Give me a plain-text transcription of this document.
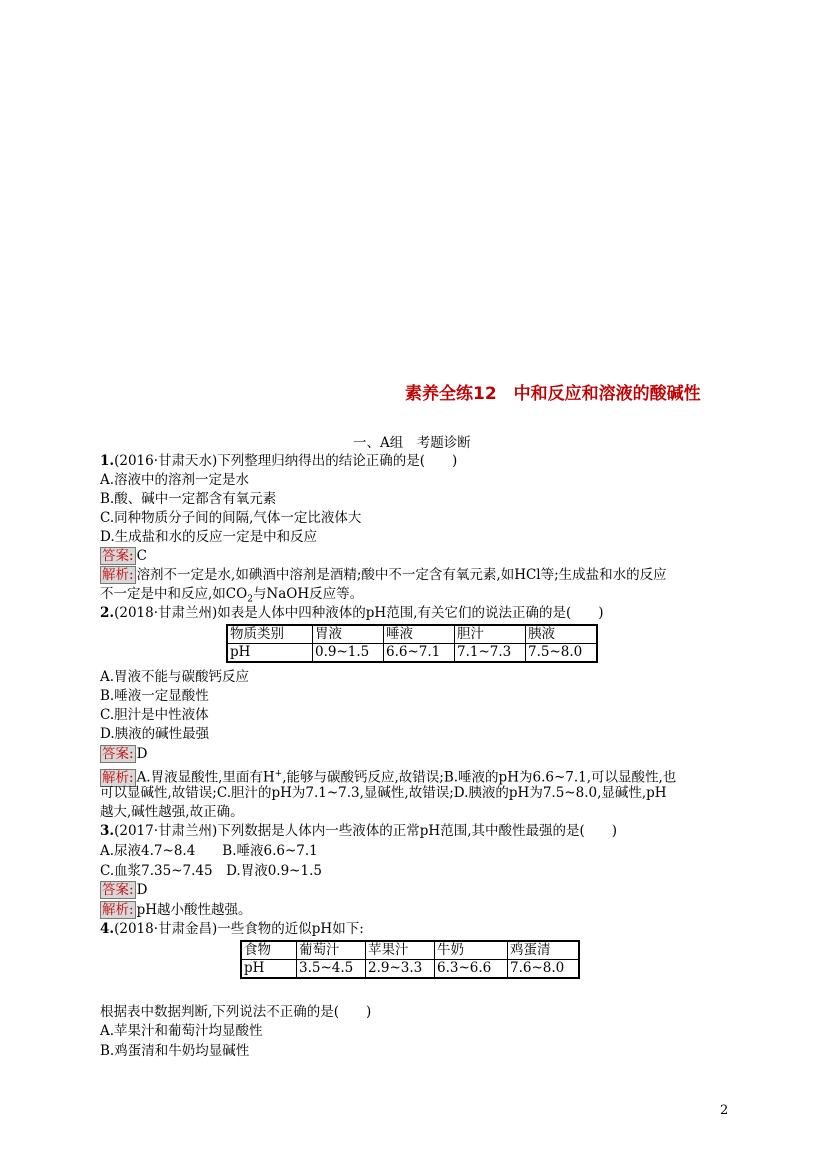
素养全练12　中和反应和溶液的酸碱性
一、A组　考题诊断
1.(2016·甘肃天水)下列整理归纳得出的结论正确的是(　　)
A.溶液中的溶剂一定是水
B.酸、碱中一定都含有氧元素
C.同种物质分子间的间隔,气体一定比液体大
D.生成盐和水的反应一定是中和反应
答案: C
解析: 溶剂不一定是水,如碘酒中溶剂是酒精;酸中不一定含有氧元素,如HCl等;生成盐和水的反应
不一定是中和反应,如$CO_2$与NaOH反应等。
2.(2018·甘肃兰州)如表是人体中四种液体的pH范围,有关它们的说法正确的是(　　)
物质类别	胃液	唾液	胆汁	胰液
pH	0.9~1.5	6.6~7.1	7.1~7.3	7.5~8.0
A.胃液不能与碳酸钙反应
B.唾液一定显酸性
C.胆汁是中性液体
D.胰液的碱性最强
答案: D
解析: A.胃液显酸性,里面有H+,能够与碳酸钙反应,故错误;B.唾液的pH为6.6~7.1,可以显酸性,也
可以显碱性,故错误;C.胆汁的pH为7.1~7.3,显碱性,故错误;D.胰液的pH为7.5~8.0,显碱性,pH
越大,碱性越强,故正确。
3.(2017·甘肃兰州)下列数据是人体内一些液体的正常pH范围,其中酸性最强的是(　　)
A.尿液4.7~8.4　　B.唾液6.6~7.1
C.血浆7.35~7.45　D.胃液0.9~1.5
答案: D
解析: pH越小酸性越强。
4.(2018·甘肃金昌)一些食物的近似pH如下:
食物	葡萄汁	苹果汁	牛奶	鸡蛋清
pH	3.5~4.5	2.9~3.3	6.3~6.6	7.6~8.0
根据表中数据判断,下列说法不正确的是(　　)
A.苹果汁和葡萄汁均显酸性
B.鸡蛋清和牛奶均显碱性
2
